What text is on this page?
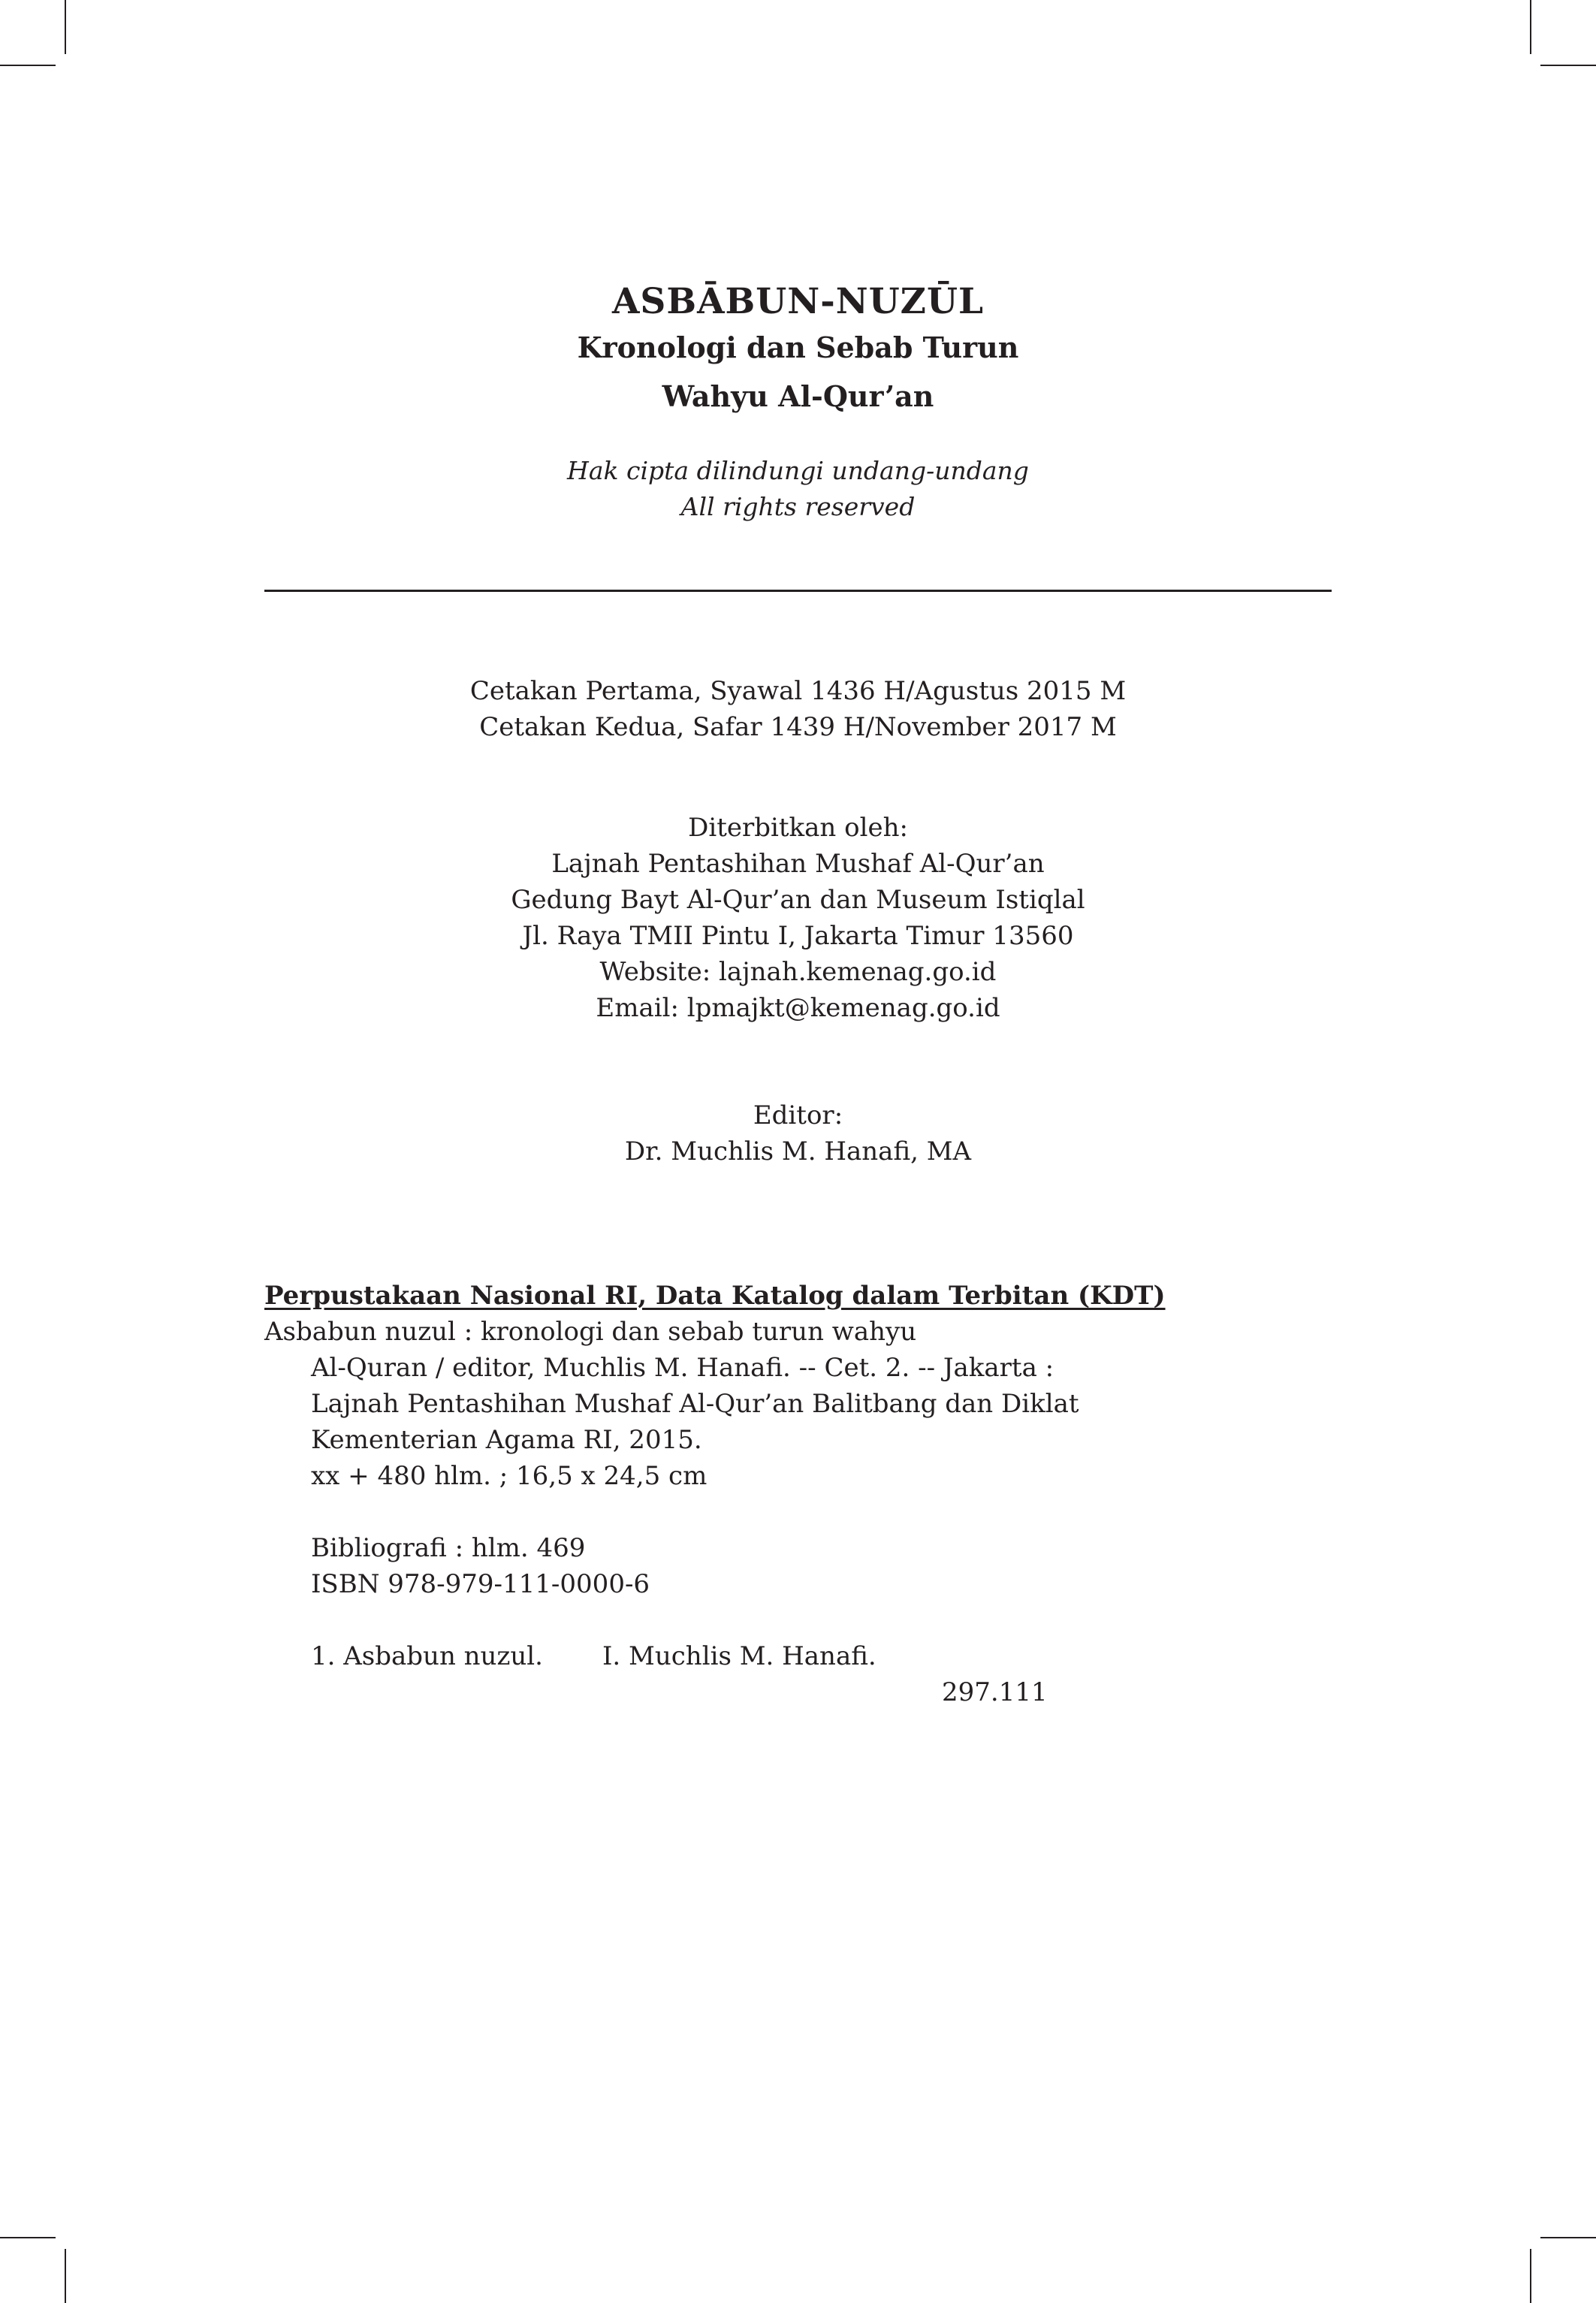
ASBĀBUN-NUZŪL
Kronologi dan Sebab Turun
Wahyu Al-Qur’an
Hak cipta dilindungi undang-undang
All rights reserved
Cetakan Pertama, Syawal 1436 H/Agustus 2015 M
Cetakan Kedua, Safar 1439 H/November 2017 M
Diterbitkan oleh:
Lajnah Pentashihan Mushaf Al-Qur’an
Gedung Bayt Al-Qur’an dan Museum Istiqlal
Jl. Raya TMII Pintu I, Jakarta Timur 13560
Website: lajnah.kemenag.go.id
Email: lpmajkt@kemenag.go.id
Editor:
Dr. Muchlis M. Hanafi, MA
Perpustakaan Nasional RI, Data Katalog dalam Terbitan (KDT)
Asbabun nuzul : kronologi dan sebab turun wahyu
Al-Quran / editor, Muchlis M. Hanafi. -- Cet. 2. -- Jakarta :
Lajnah Pentashihan Mushaf Al-Qur’an Balitbang dan Diklat
Kementerian Agama RI, 2015.
xx + 480 hlm. ; 16,5 x 24,5 cm
Bibliografi : hlm. 469
ISBN 978-979-111-0000-6
1. Asbabun nuzul. I. Muchlis M. Hanafi.
297.111
